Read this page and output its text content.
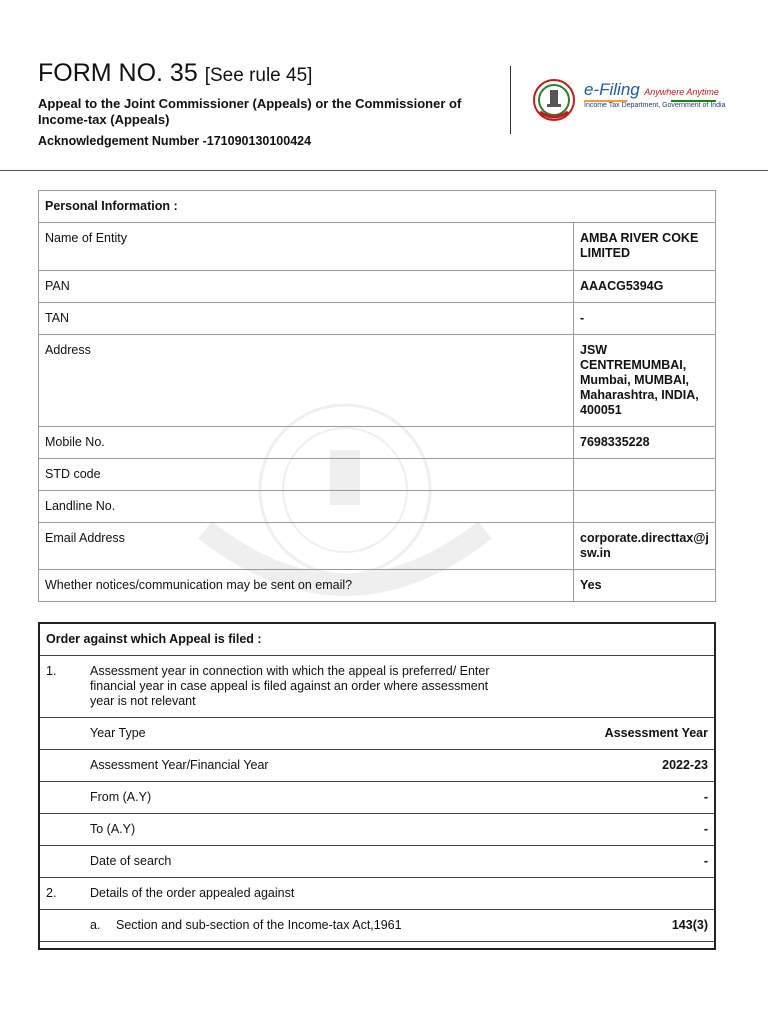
FORM NO. 35 [See rule 45]
Appeal to the Joint Commissioner (Appeals) or the Commissioner of Income-tax (Appeals)
Acknowledgement Number -171090130100424
e-Filing Anywhere Anytime
Income Tax Department, Government of India
Personal Information :	
Name of Entity	AMBA RIVER COKE LIMITED
PAN	AAACG5394G
TAN	-
Address	JSW CENTREMUMBAI, Mumbai, MUMBAI, Maharashtra, INDIA, 400051
Mobile No.	7698335228
STD code	
Landline No.	
Email Address	corporate.directtax@jsw.in
Whether notices/communication may be sent on email?	Yes
Order against which Appeal is filed :		
1.	Assessment year in connection with which the appeal is preferred/ Enter financial year in case appeal is filed against an order where assessment year is not relevant	
	Year Type	Assessment Year
	Assessment Year/Financial Year	2022-23
	From (A.Y)	-
	To (A.Y)	-
	Date of search	-
2.	Details of the order appealed against	
	a. Section and sub-section of the Income-tax Act,1961	143(3)
